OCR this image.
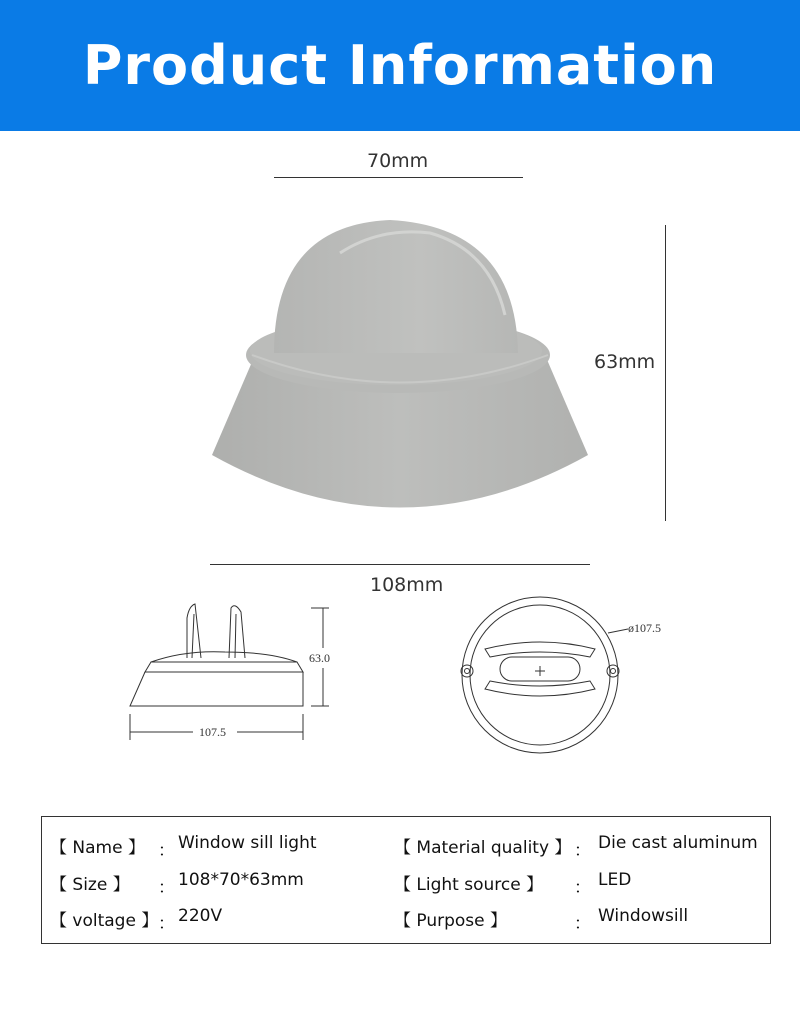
Product Information
70mm
63mm
108mm
63.0
107.5
ø107.5
【 Name 】 ： Window sill light
【 Size 】 ： 108*70*63mm
【 voltage 】 ： 220V
【 Material quality 】 ： Die cast aluminum
【 Light source 】 ： LED
【 Purpose 】	： Windowsill
